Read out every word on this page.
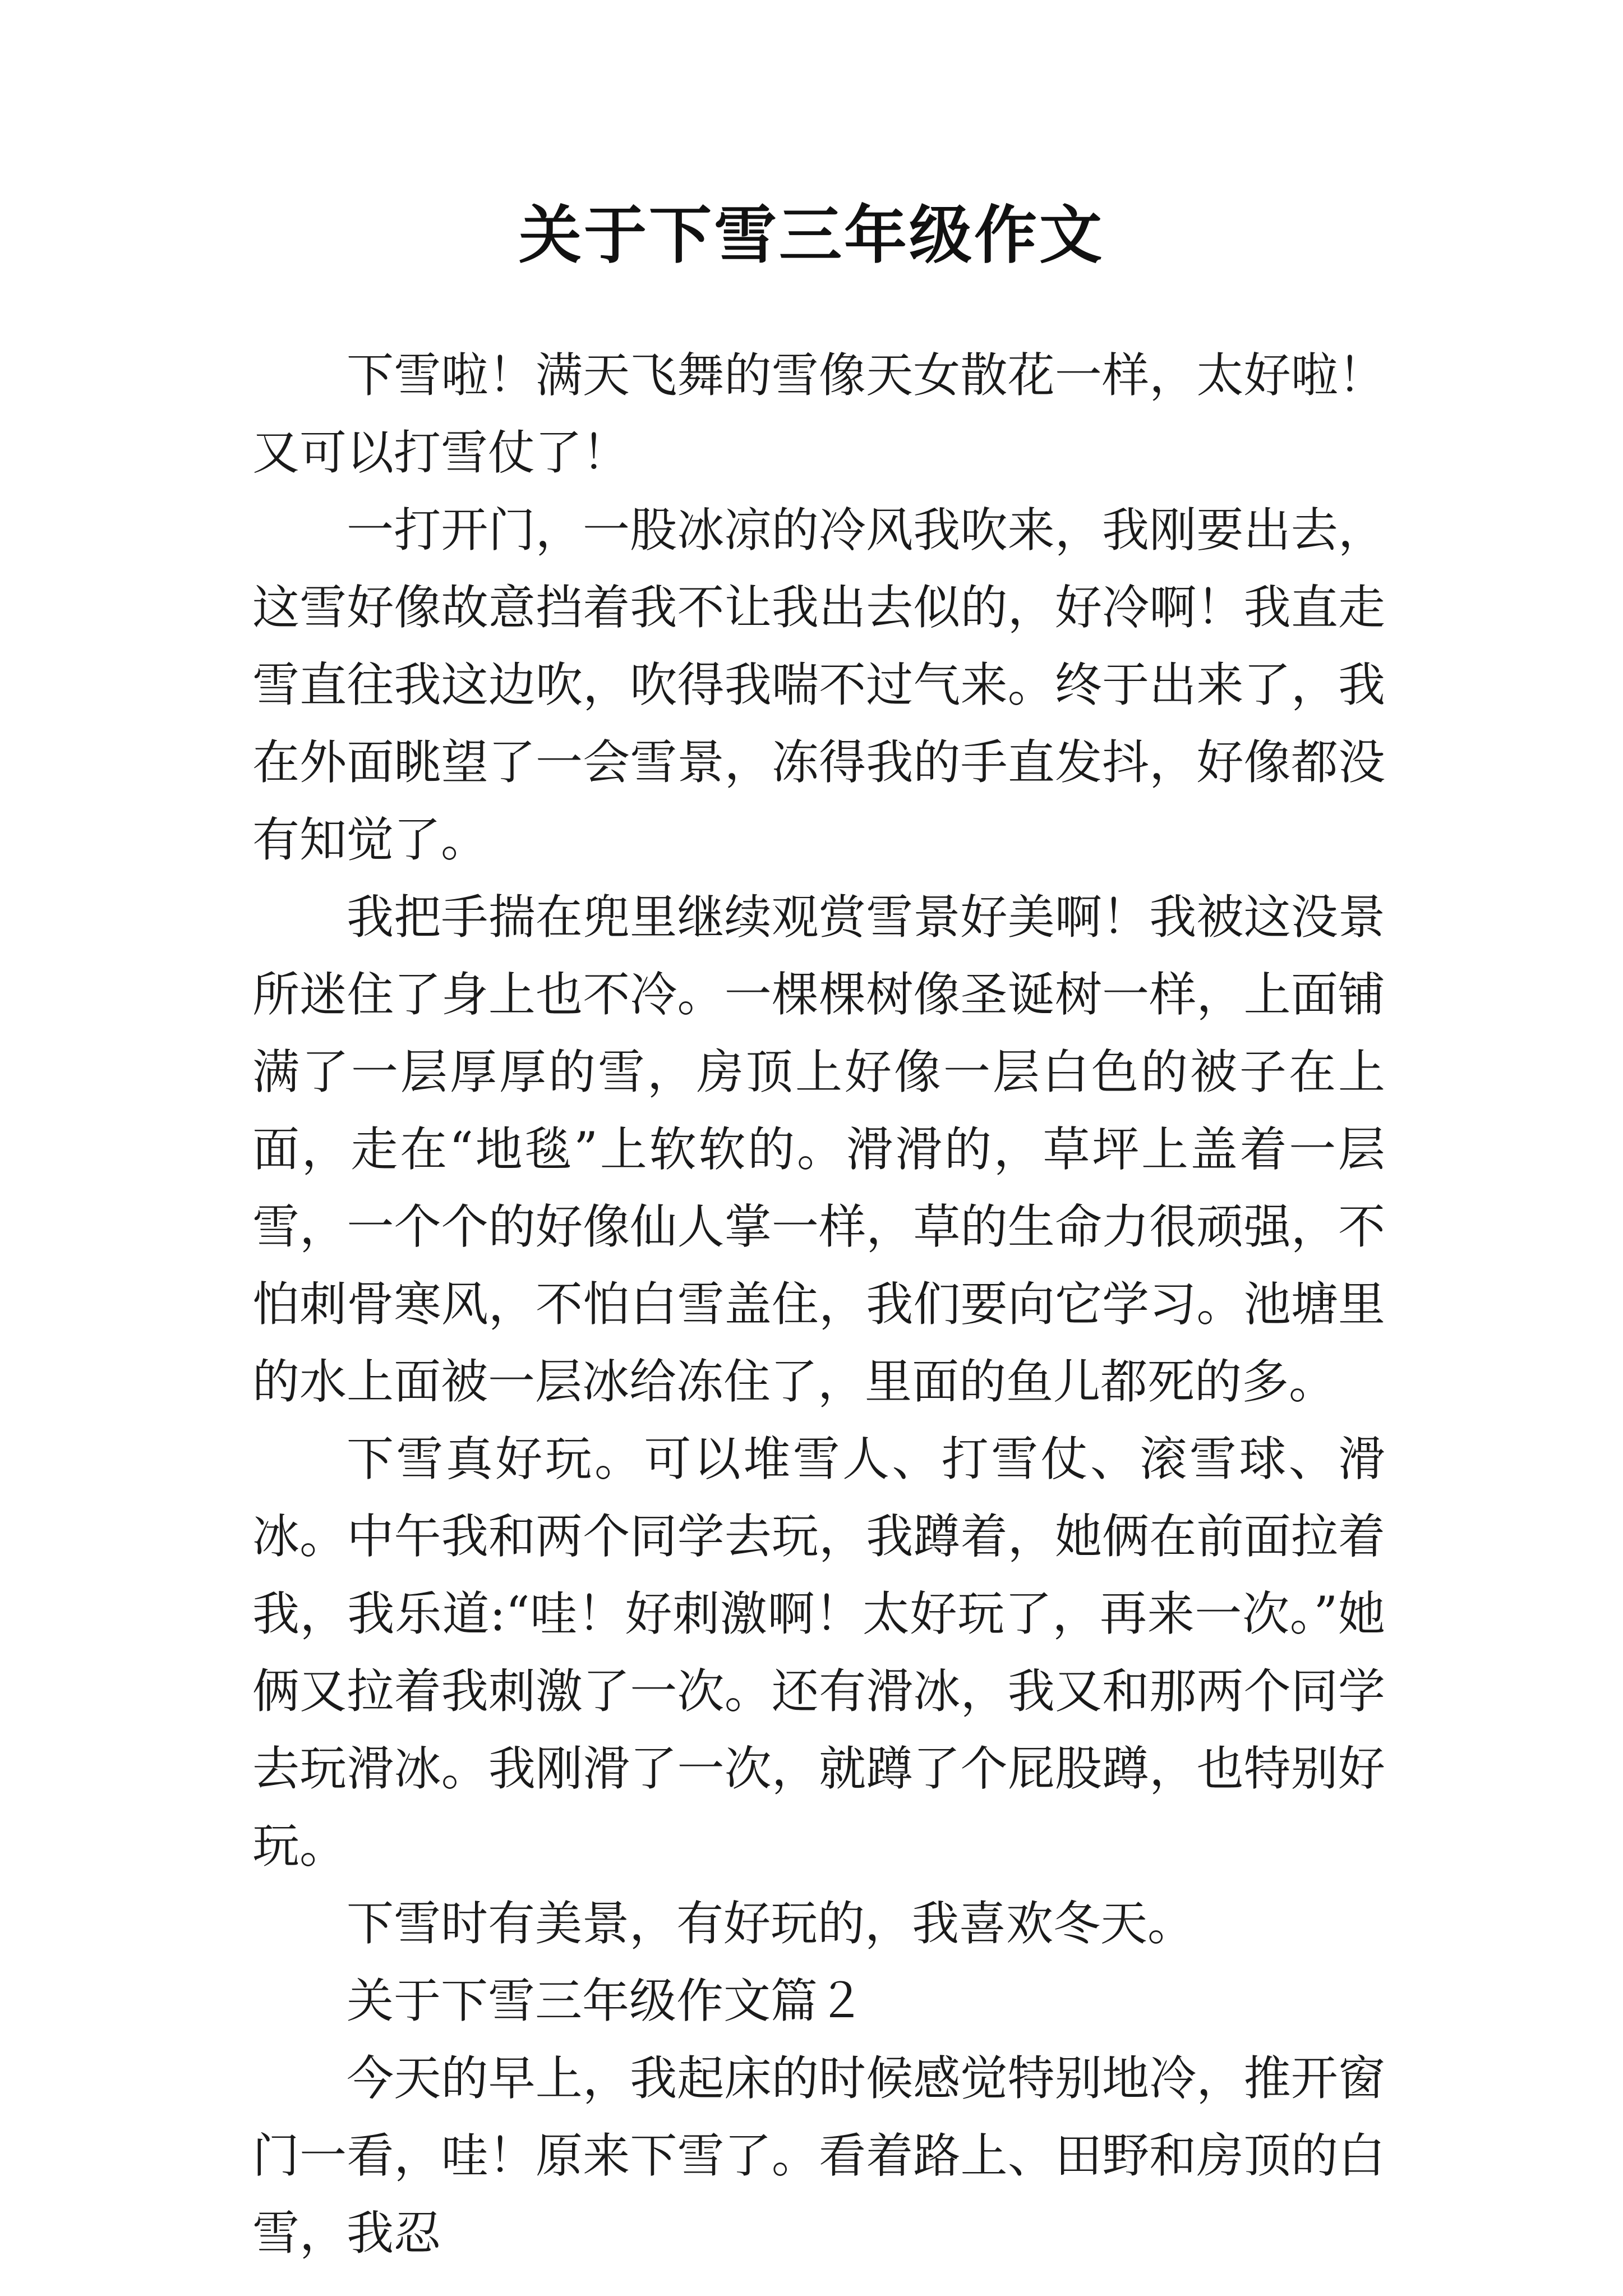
关于下雪三年级作文

下雪啦！满天飞舞的雪像天女散花一样，太好啦！又可以打雪仗了！

一打开门，一股冰凉的冷风我吹来，我刚要出去，这雪好像故意挡着我不让我出去似的，好冷啊！我直走雪直往我这边吹，吹得我喘不过气来。终于出来了，我在外面眺望了一会雪景，冻得我的手直发抖，好像都没有知觉了。

我把手揣在兜里继续观赏雪景好美啊！我被这没景所迷住了身上也不冷。一棵棵树像圣诞树一样，上面铺满了一层厚厚的雪，房顶上好像一层白色的被子在上面，走在“地毯”上软软的。滑滑的，草坪上盖着一层雪，一个个的好像仙人掌一样，草的生命力很顽强，不怕刺骨寒风，不怕白雪盖住，我们要向它学习。池塘里的水上面被一层冰给冻住了，里面的鱼儿都死的多。

下雪真好玩。可以堆雪人、打雪仗、滚雪球、滑冰。中午我和两个同学去玩，我蹲着，她俩在前面拉着我，我乐道:“哇！好刺激啊！太好玩了，再来一次。”她俩又拉着我刺激了一次。还有滑冰，我又和那两个同学去玩滑冰。我刚滑了一次，就蹲了个屁股蹲，也特别好玩。

下雪时有美景，有好玩的，我喜欢冬天。

关于下雪三年级作文篇２

今天的早上，我起床的时候感觉特别地冷，推开窗门一看，哇！原来下雪了。看着路上、田野和房顶的白雪，我忍
